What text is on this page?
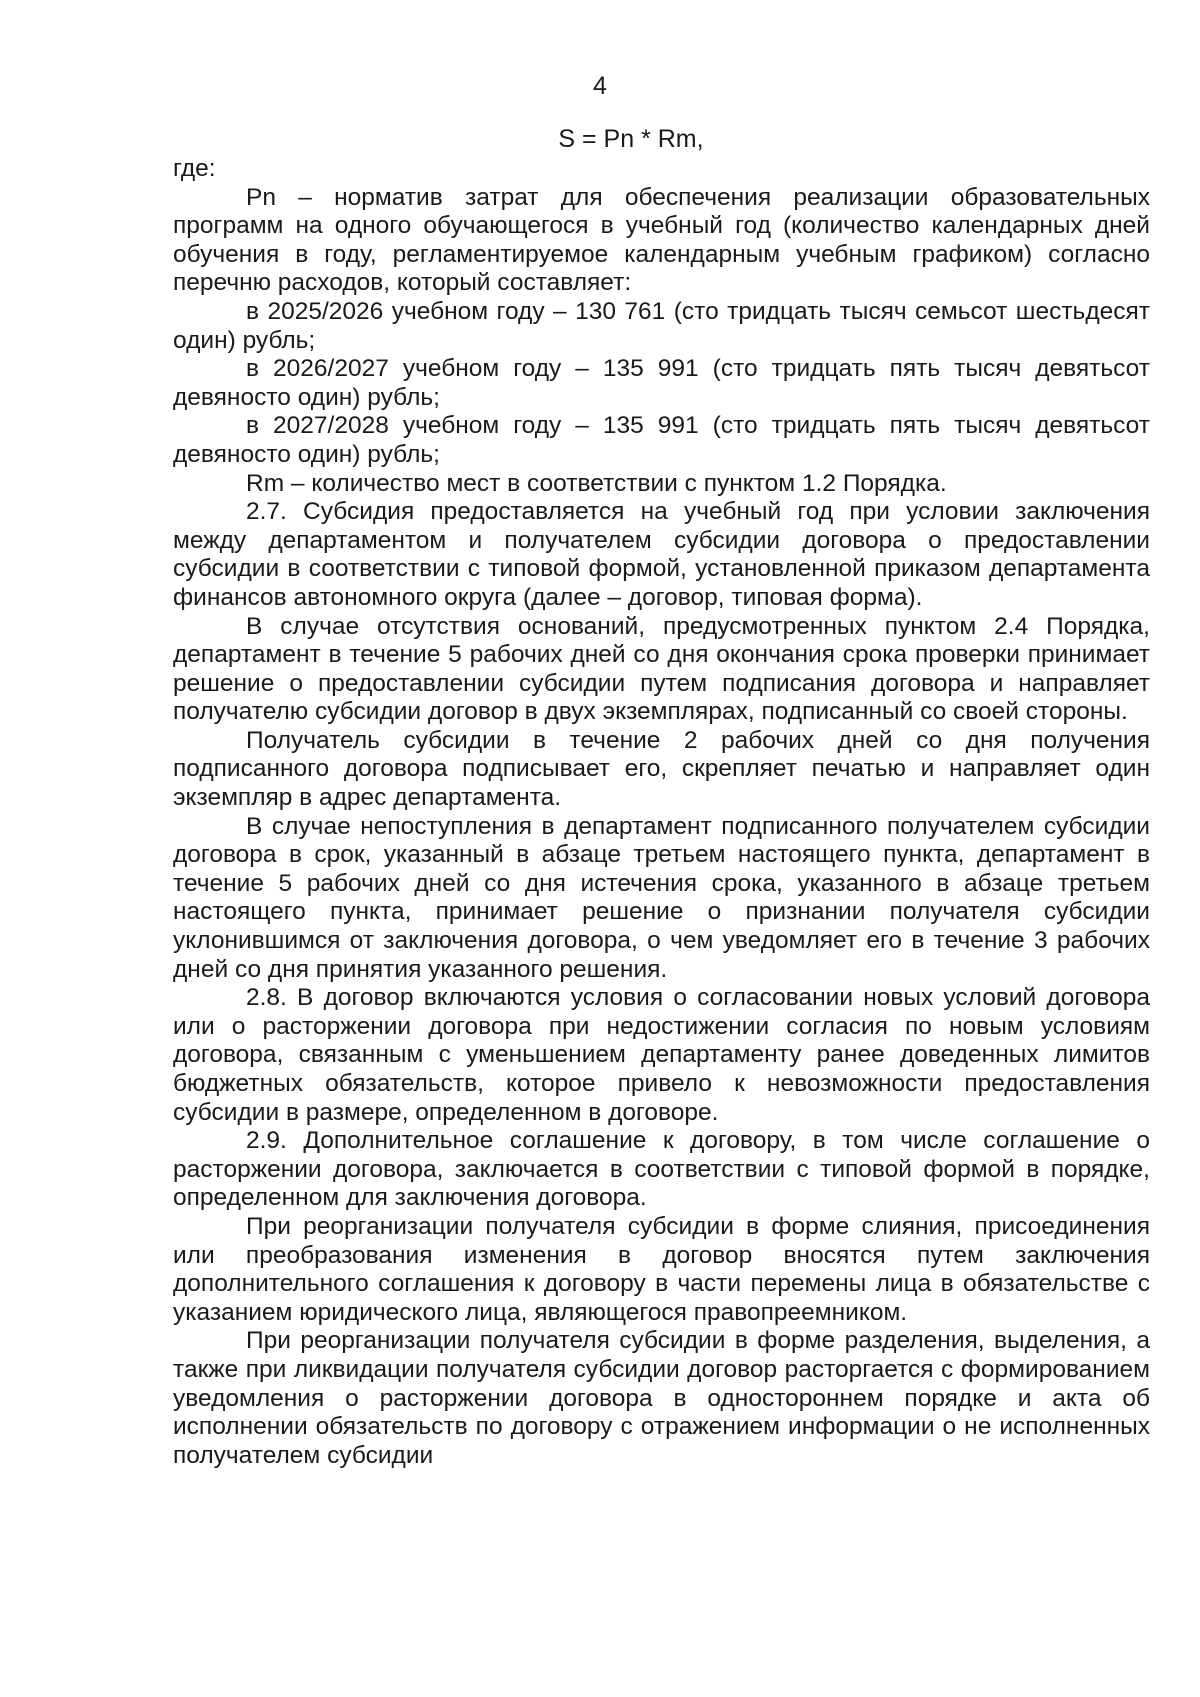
4
S = Pn * Rm,

где:

Pn – норматив затрат для обеспечения реализации образовательных программ на одного обучающегося в учебный год (количество календарных дней обучения в году, регламентируемое календарным учебным графиком) согласно перечню расходов, который составляет:

в 2025/2026 учебном году – 130 761 (сто тридцать тысяч семьсот шестьдесят один) рубль;

в 2026/2027 учебном году – 135 991 (сто тридцать пять тысяч девятьсот девяносто один) рубль;

в 2027/2028 учебном году – 135 991 (сто тридцать пять тысяч девятьсот девяносто один) рубль;

Rm – количество мест в соответствии с пунктом 1.2 Порядка.

2.7. Субсидия предоставляется на учебный год при условии заключения между департаментом и получателем субсидии договора о предоставлении субсидии в соответствии с типовой формой, установленной приказом департамента финансов автономного округа (далее – договор, типовая форма).

В случае отсутствия оснований, предусмотренных пунктом 2.4 Порядка, департамент в течение 5 рабочих дней со дня окончания срока проверки принимает решение о предоставлении субсидии путем подписания договора и направляет получателю субсидии договор в двух экземплярах, подписанный со своей стороны.

Получатель субсидии в течение 2 рабочих дней со дня получения подписанного договора подписывает его, скрепляет печатью и направляет один экземпляр в адрес департамента.

В случае непоступления в департамент подписанного получателем субсидии договора в срок, указанный в абзаце третьем настоящего пункта, департамент в течение 5 рабочих дней со дня истечения срока, указанного в абзаце третьем настоящего пункта, принимает решение о признании получателя субсидии уклонившимся от заключения договора, о чем уведомляет его в течение 3 рабочих дней со дня принятия указанного решения.

2.8. В договор включаются условия о согласовании новых условий договора или о расторжении договора при недостижении согласия по новым условиям договора, связанным с уменьшением департаменту ранее доведенных лимитов бюджетных обязательств, которое привело к невозможности предоставления субсидии в размере, определенном в договоре.

2.9. Дополнительное соглашение к договору, в том числе соглашение о расторжении договора, заключается в соответствии с типовой формой в порядке, определенном для заключения договора.

При реорганизации получателя субсидии в форме слияния, присоединения или преобразования изменения в договор вносятся путем заключения дополнительного соглашения к договору в части перемены лица в обязательстве с указанием юридического лица, являющегося правопреемником.

При реорганизации получателя субсидии в форме разделения, выделения, а также при ликвидации получателя субсидии договор расторгается с формированием уведомления о расторжении договора в одностороннем порядке и акта об исполнении обязательств по договору с отражением информации о не исполненных получателем субсидии
